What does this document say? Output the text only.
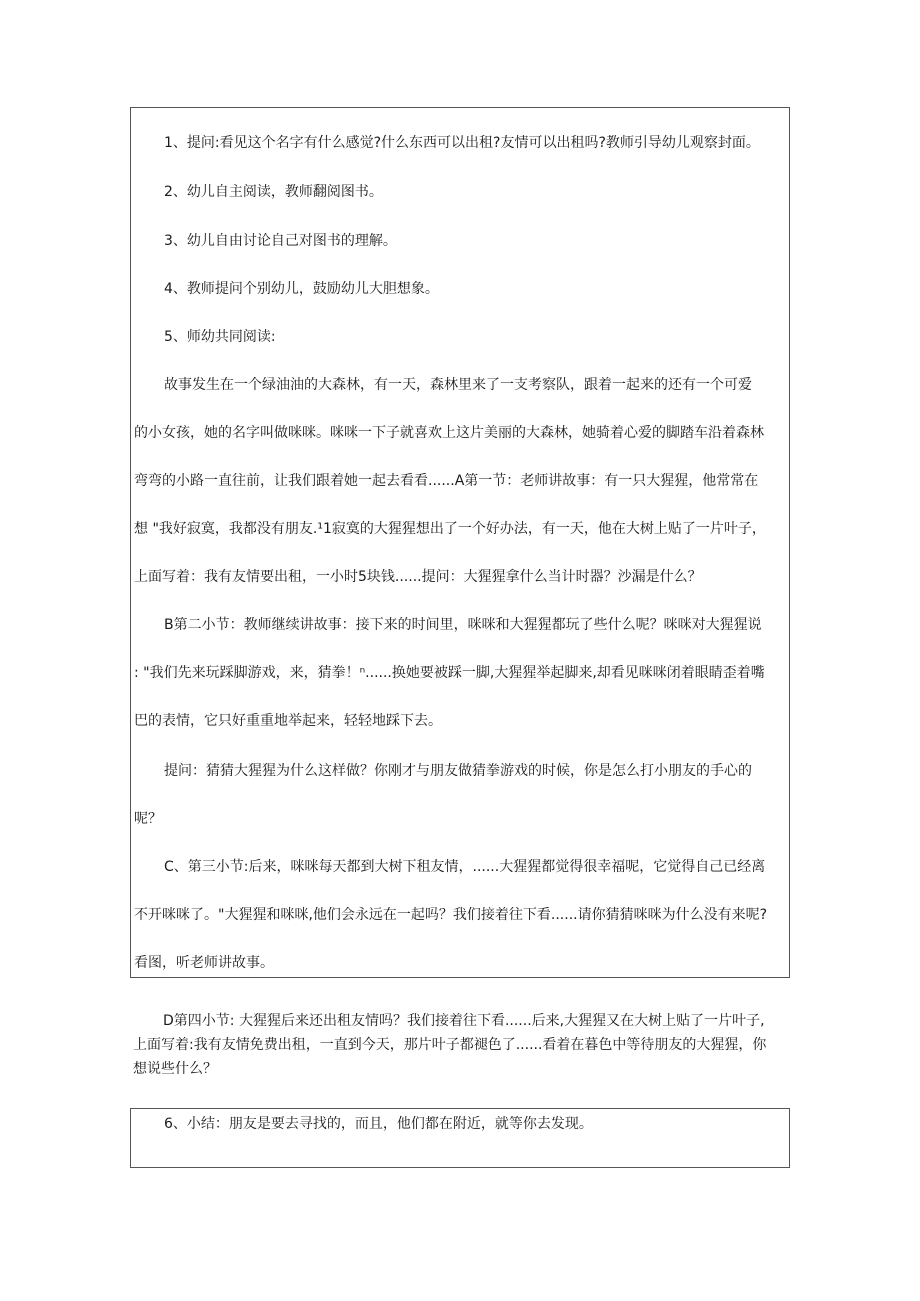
1、提问:看见这个名字有什么感觉?什么东西可以出租?友情可以出租吗?教师引导幼儿观察封面。
2、幼儿自主阅读，教师翻阅图书。
3、幼儿自由讨论自己对图书的理解。
4、教师提问个别幼儿，鼓励幼儿大胆想象。
5、师幼共同阅读:
故事发生在一个绿油油的大森林，有一天，森林里来了一支考察队，跟着一起来的还有一个可爱
的小女孩，她的名字叫做咪咪。咪咪一下子就喜欢上这片美丽的大森林，她骑着心爱的脚踏车沿着森林
弯弯的小路一直往前，让我们跟着她一起去看看......A第一节：老师讲故事：有一只大猩猩，他常常在
想 "我好寂寞，我都没有朋友.¹1寂寞的大猩猩想出了一个好办法，有一天，他在大树上贴了一片叶子，
上面写着：我有友情要出租，一小时5块钱......提问：大猩猩拿什么当计时器？沙漏是什么？
B第二小节：教师继续讲故事：接下来的时间里，咪咪和大猩猩都玩了些什么呢？咪咪对大猩猩说
: "我们先来玩踩脚游戏，来，猜拳！ⁿ......换她要被踩一脚,大猩猩举起脚来,却看见咪咪闭着眼睛歪着嘴
巴的表情，它只好重重地举起来，轻轻地踩下去。
提问：猜猜大猩猩为什么这样做？你刚才与朋友做猜拳游戏的时候，你是怎么打小朋友的手心的
呢？
C、第三小节:后来，咪咪每天都到大树下租友情，......大猩猩都觉得很幸福呢，它觉得自己已经离
不开咪咪了。"大猩猩和咪咪,他们会永远在一起吗？我们接着往下看......请你猜猜咪咪为什么没有来呢?
看图，听老师讲故事。
D第四小节: 大猩猩后来还出租友情吗？我们接着往下看......后来,大猩猩又在大树上贴了一片叶子,
上面写着:我有友情免费出租，一直到今天，那片叶子都褪色了......看着在暮色中等待朋友的大猩猩，你
想说些什么？
6、小结：朋友是要去寻找的，而且，他们都在附近，就等你去发现。
